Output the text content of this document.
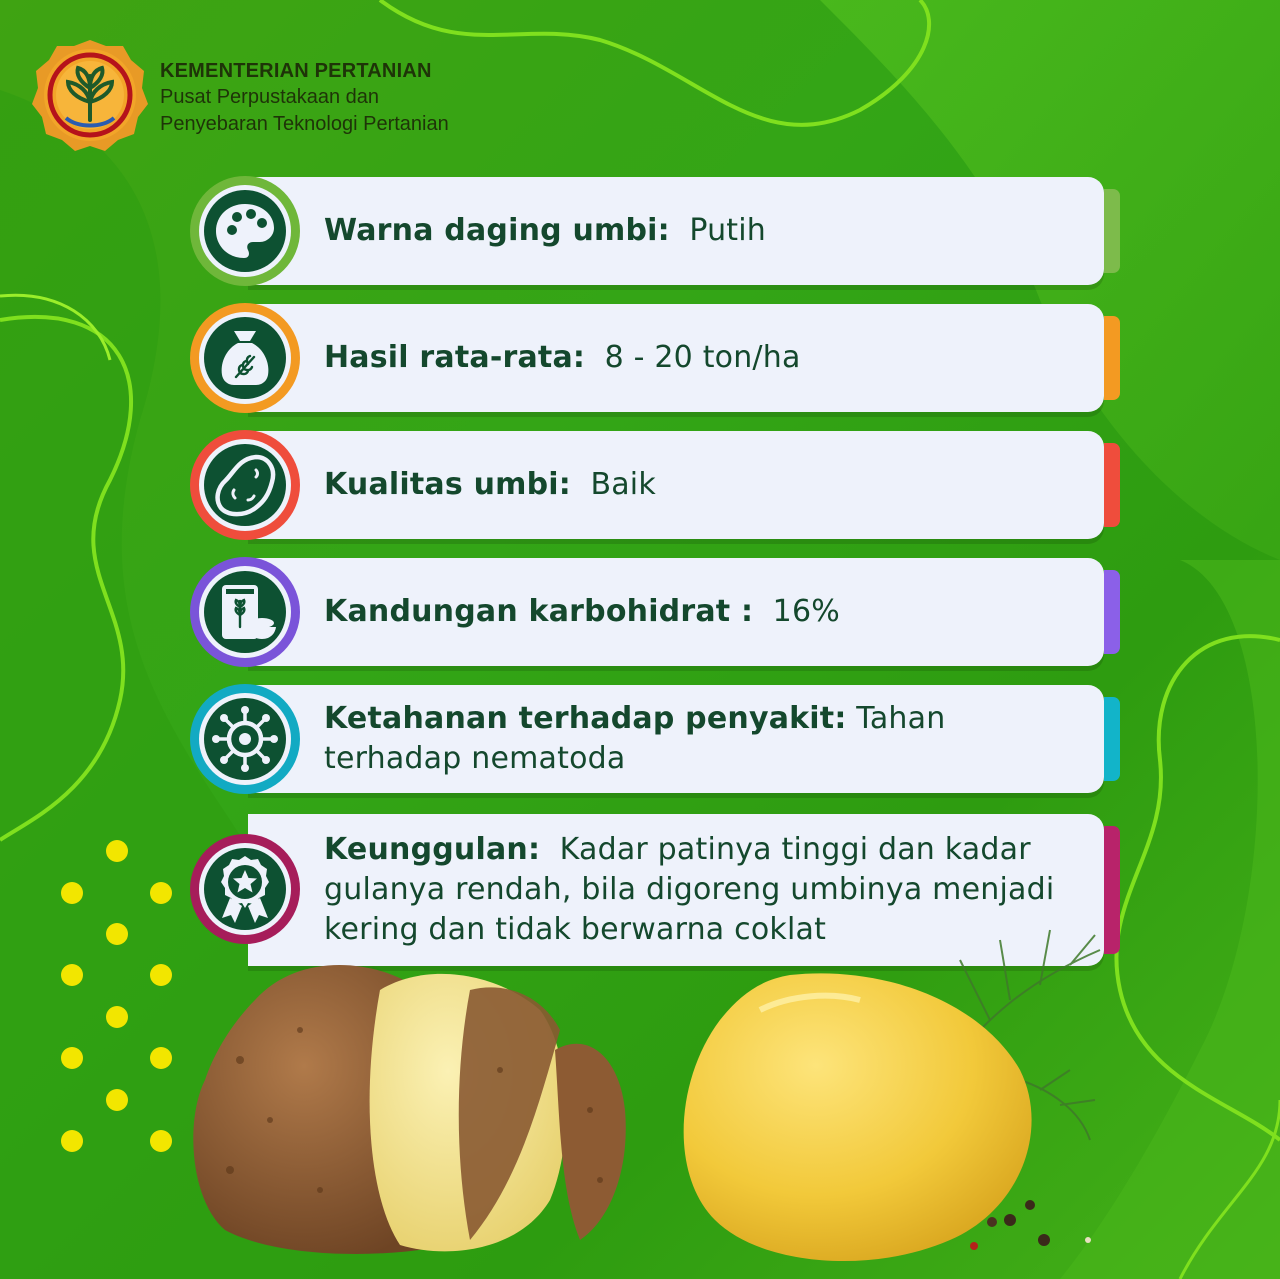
KEMENTERIAN PERTANIAN
Pusat Perpustakaan dan
Penyebaran Teknologi Pertanian
Warna daging umbi: Putih
Hasil rata-rata: 8 - 20 ton/ha
Kualitas umbi: Baik
Kandungan karbohidrat : 16%
Ketahanan terhadap penyakit: Tahan terhadap nematoda
Keunggulan: Kadar patinya tinggi dan kadar gulanya rendah, bila digoreng umbinya menjadi kering dan tidak berwarna coklat
